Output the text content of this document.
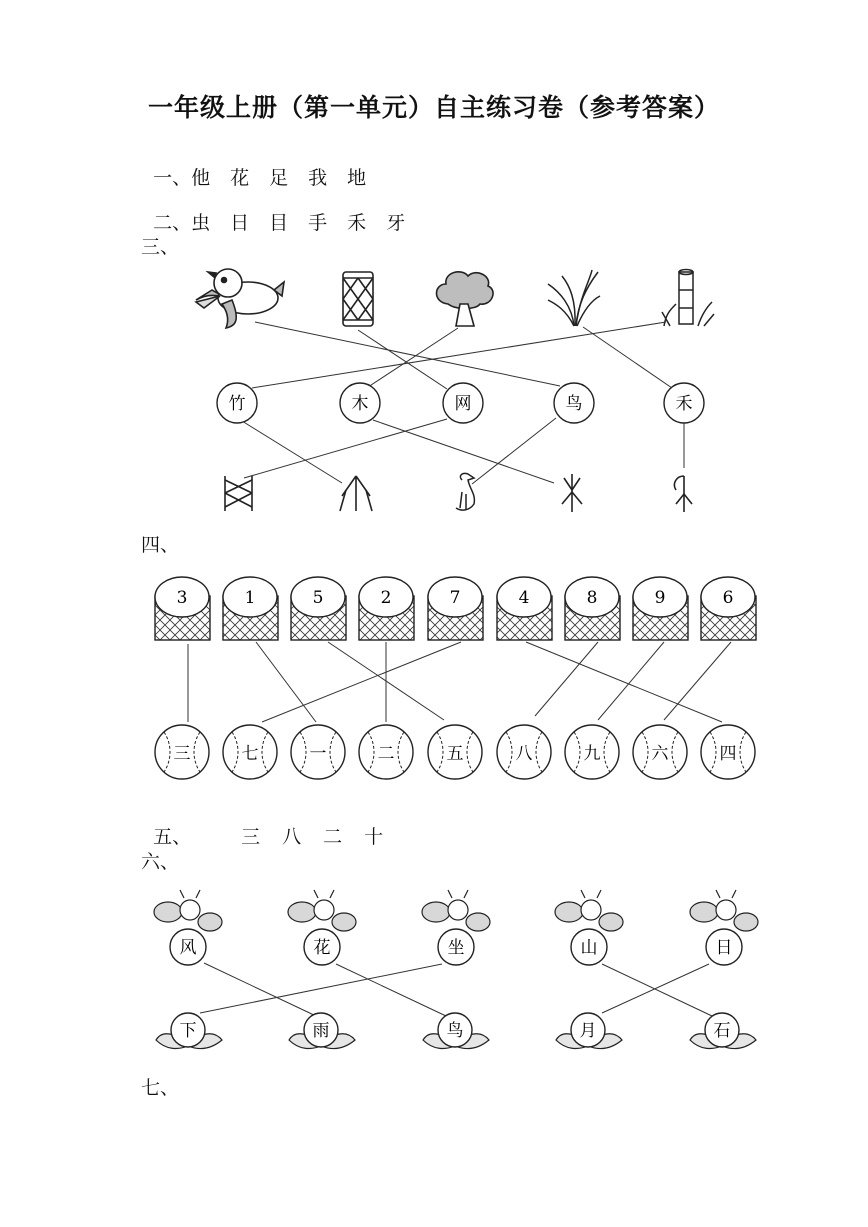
一年级上册（第一单元）自主练习卷（参考答案）

一、他 花 足 我 地

二、虫 日 目 手 禾 牙

三、
四、

五、	三 八 二 十

六、
七、
竹	木	网	鸟	禾
3	1	5	2	7	4	8	9	6
三	七	一	二	五	八	九	六	四
风	花	坐	山	日
下	雨	鸟	月	石
